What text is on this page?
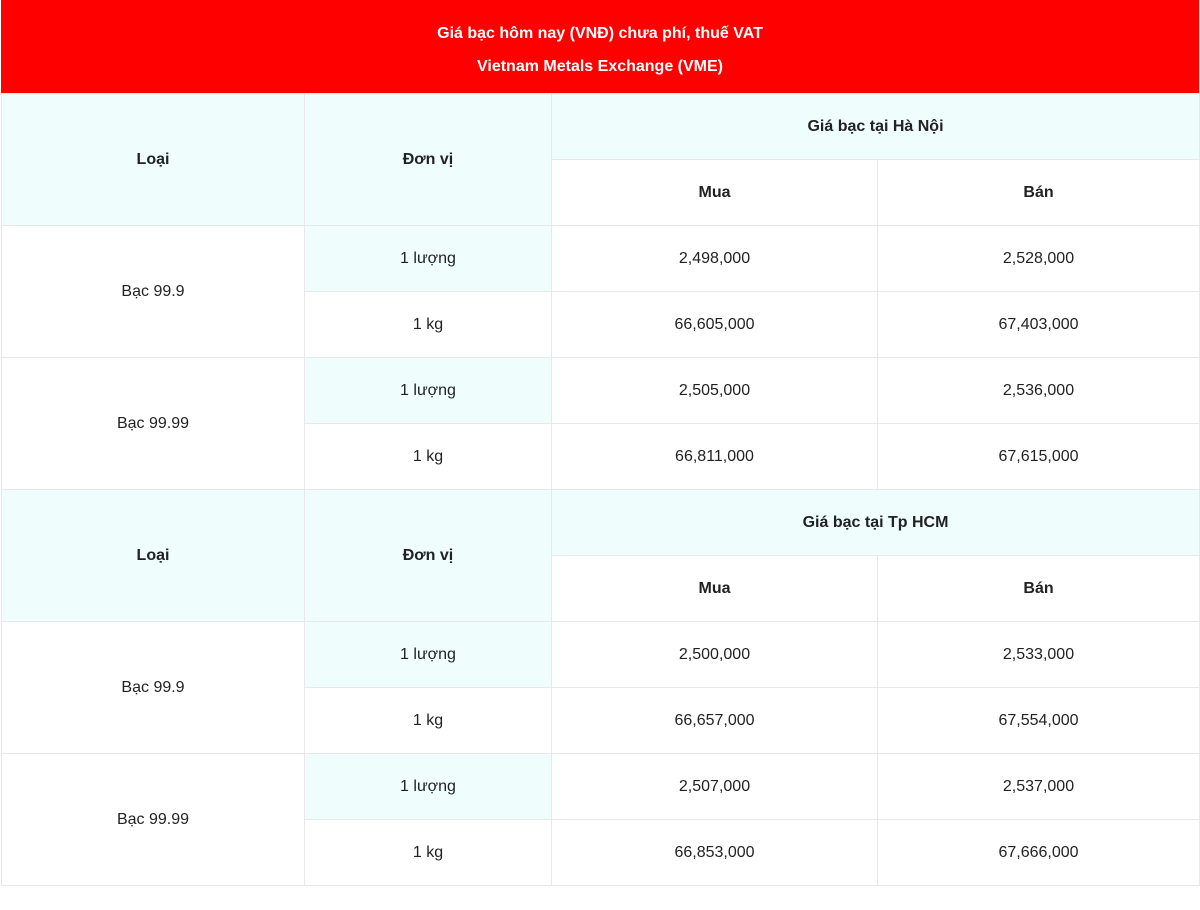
Giá bạc hôm nay (VNĐ) chưa phí, thuế VAT
Vietnam Metals Exchange (VME)
Loại	Đơn vị	Giá bạc tại Hà Nội	
		Mua	Bán
Bạc 99.9	1 lượng	2,498,000	2,528,000
	1 kg	66,605,000	67,403,000
Bạc 99.99	1 lượng	2,505,000	2,536,000
	1 kg	66,811,000	67,615,000
Loại	Đơn vị	Giá bạc tại Tp HCM	
		Mua	Bán
Bạc 99.9	1 lượng	2,500,000	2,533,000
	1 kg	66,657,000	67,554,000
Bạc 99.99	1 lượng	2,507,000	2,537,000
	1 kg	66,853,000	67,666,000
